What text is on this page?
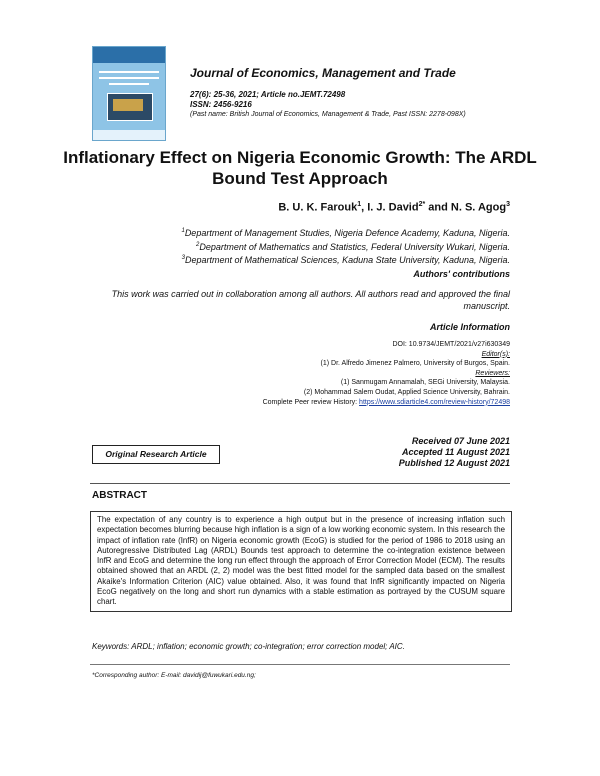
Journal of Economics, Management and Trade
27(6): 25-36, 2021; Article no.JEMT.72498
ISSN: 2456-9216
(Past name: British Journal of Economics, Management & Trade, Past ISSN: 2278-098X)
Inflationary Effect on Nigeria Economic Growth: The ARDL Bound Test Approach
B. U. K. Farouk$^1$, I. J. David$^{2*}$ and N. S. Agog$^3$
$^1$Department of Management Studies, Nigeria Defence Academy, Kaduna, Nigeria.
$^2$Department of Mathematics and Statistics, Federal University Wukari, Nigeria.
$^3$Department of Mathematical Sciences, Kaduna State University, Kaduna, Nigeria.
Authors' contributions
This work was carried out in collaboration among all authors. All authors read and approved the final manuscript.
Article Information
DOI: 10.9734/JEMT/2021/v27i630349
Editor(s):
(1) Dr. Alfredo Jimenez Palmero, University of Burgos, Spain.
Reviewers:
(1) Sanmugam Annamalah, SEGi University, Malaysia.
(2) Mohammad Salem Oudat, Applied Science University, Bahrain.
Complete Peer review History: https://www.sdiarticle4.com/review-history/72498
Received 07 June 2021
Accepted 11 August 2021
Published 12 August 2021
Original Research Article
ABSTRACT
The expectation of any country is to experience a high output but in the presence of increasing inflation such expectation becomes blurring because high inflation is a sign of a low working economic system. In this research the impact of inflation rate (InfR) on Nigeria economic growth (EcoG) is studied for the period of 1986 to 2018 using an Autoregressive Distributed Lag (ARDL) Bounds test approach to determine the co-integration existence between InfR and EcoG and determine the long run effect through the approach of Error Correction Model (ECM). The results obtained showed that an ARDL (2, 2) model was the best fitted model for the sampled data based on the smallest Akaike's Information Criterion (AIC) value obtained. Also, it was found that InfR significantly impacted on Nigeria EcoG negatively on the long and short run dynamics with a stable estimation as portrayed by the CUSUM square chart.
Keywords: ARDL; inflation; economic growth; co-integration; error correction model; AIC.
*Corresponding author: E-mail: davidij@fuwukari.edu.ng;
